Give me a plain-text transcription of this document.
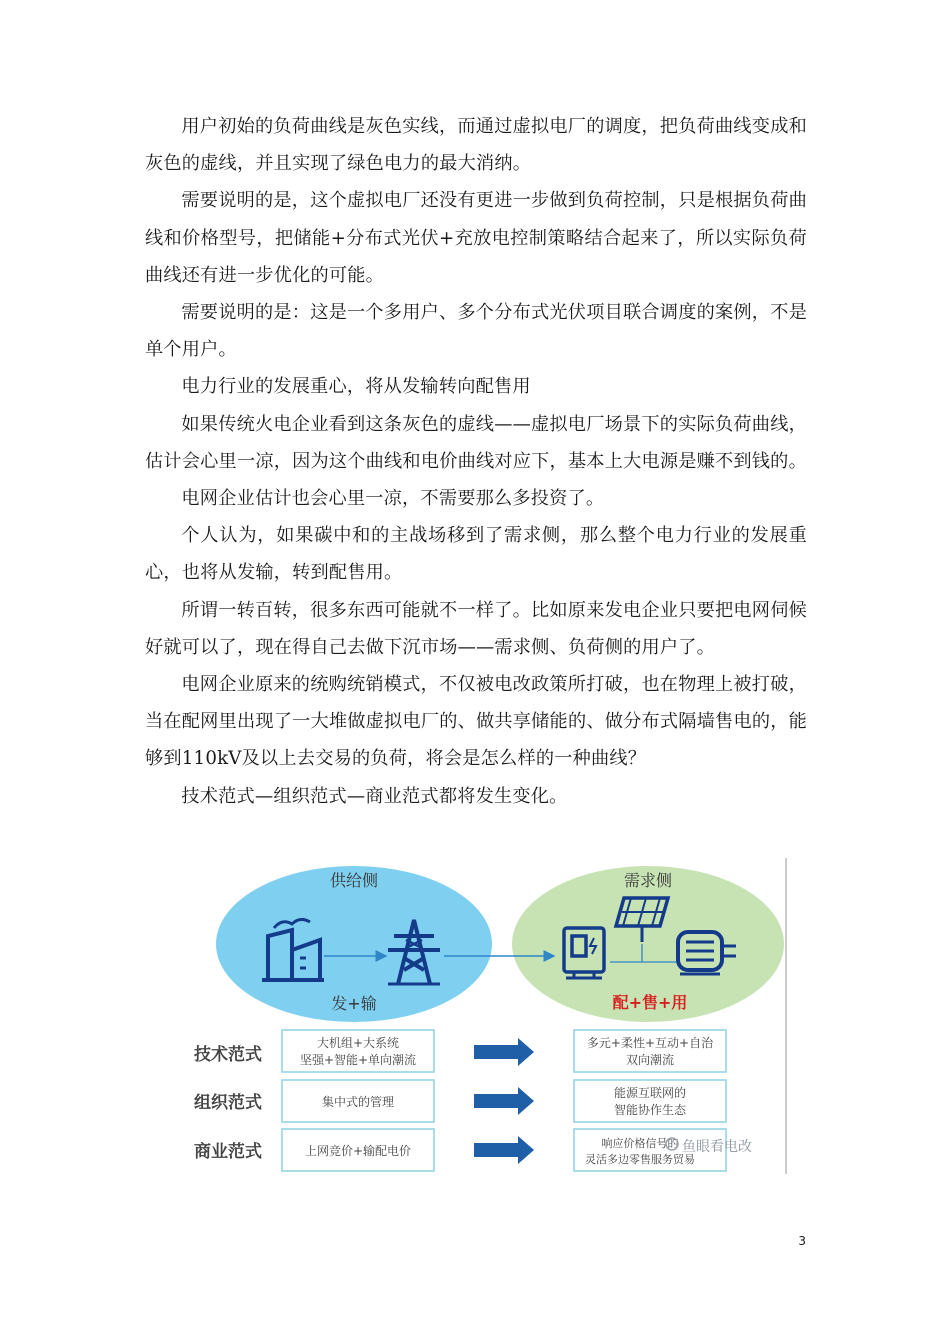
用户初始的负荷曲线是灰色实线，而通过虚拟电厂的调度，把负荷曲线变成和灰色的虚线，并且实现了绿色电力的最大消纳。

需要说明的是，这个虚拟电厂还没有更进一步做到负荷控制，只是根据负荷曲线和价格型号，把储能+分布式光伏+充放电控制策略结合起来了，所以实际负荷曲线还有进一步优化的可能。

需要说明的是：这是一个多用户、多个分布式光伏项目联合调度的案例，不是单个用户。

电力行业的发展重心，将从发输转向配售用

如果传统火电企业看到这条灰色的虚线——虚拟电厂场景下的实际负荷曲线，估计会心里一凉，因为这个曲线和电价曲线对应下，基本上大电源是赚不到钱的。

电网企业估计也会心里一凉，不需要那么多投资了。

个人认为，如果碳中和的主战场移到了需求侧，那么整个电力行业的发展重心，也将从发输，转到配售用。

所谓一转百转，很多东西可能就不一样了。比如原来发电企业只要把电网伺候好就可以了，现在得自己去做下沉市场——需求侧、负荷侧的用户了。

电网企业原来的统购统销模式，不仅被电改政策所打破，也在物理上被打破，当在配网里出现了一大堆做虚拟电厂的、做共享储能的、做分布式隔墙售电的，能够到110kV及以上去交易的负荷，将会是怎么样的一种曲线？

技术范式—组织范式—商业范式都将发生变化。

供给侧
发+输
需求侧
配+售+用
技术范式
大机组+大系统
坚强+智能+单向潮流
多元+柔性+互动+自治
双向潮流
组织范式	集中式的管理
能源互联网的
智能协作生态
商业范式	上网竞价+输配电价
响应价格信号的
灵活多边零售服务贸易
鱼眼看电改
3
